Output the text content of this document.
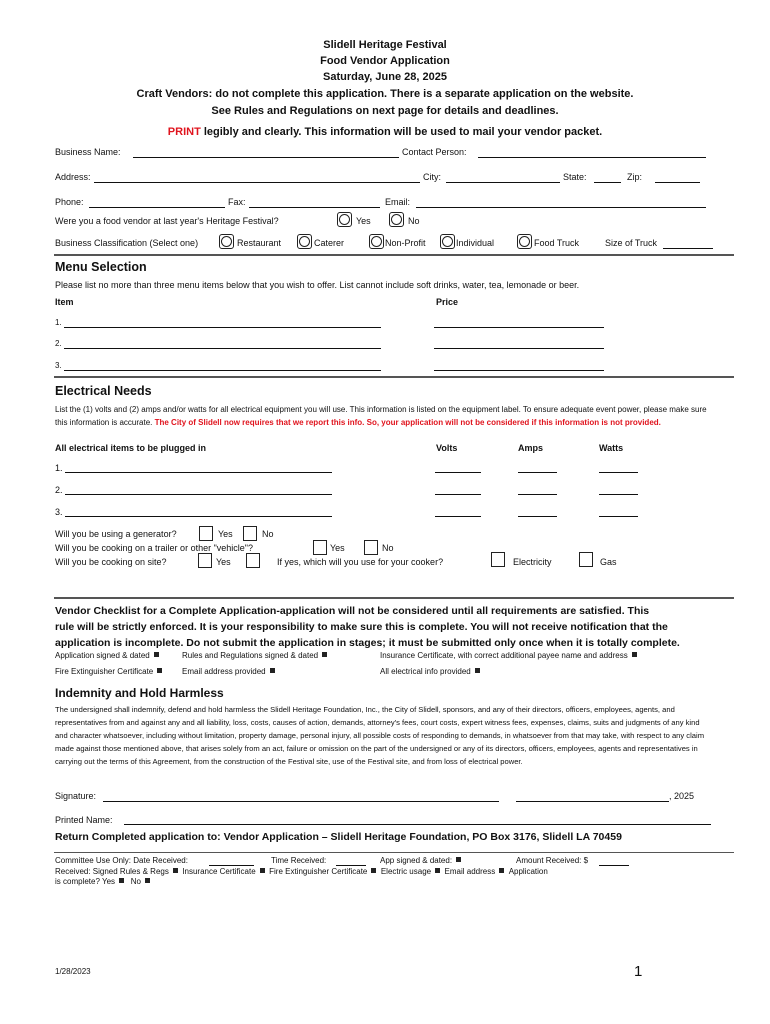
Slidell Heritage Festival
Food Vendor Application
Saturday, June 28, 2025
Craft Vendors: do not complete this application. There is a separate application on the website.
See Rules and Regulations on next page for details and deadlines.
PRINT legibly and clearly. This information will be used to mail your vendor packet.
Business Name:	Contact Person:
Address:	City:	State:	Zip:
Phone:	Fax:	Email:
Were you a food vendor at last year's Heritage Festival?	Yes	No
Business Classification (Select one)	Restaurant	Caterer	Non-Profit	Individual	Food Truck	Size of Truck
Menu Selection
Please list no more than three menu items below that you wish to offer. List cannot include soft drinks, water, tea, lemonade or beer.
Item	Price
1.
2.
3.
Electrical Needs
List the (1) volts and (2) amps and/or watts for all electrical equipment you will use. This information is listed on the equipment label. To ensure adequate event power, please make sure this information is accurate. The City of Slidell now requires that we report this info. So, your application will not be considered if this information is not provided.
All electrical items to be plugged in	Volts	Amps	Watts
1.
2.
3.
Will you be using a generator?	Yes	No
Will you be cooking on a trailer or other "vehicle"?	Yes	No
Will you be cooking on site?	Yes	If yes, which will you use for your cooker?	Electricity	Gas
Vendor Checklist for a Complete Application-application will not be considered until all requirements are satisfied. This
rule will be strictly enforced. It is your responsibility to make sure this is complete. You will not receive notification that the
application is incomplete. Do not submit the application in stages; it must be submitted only once when it is totally complete.
Application signed & dated	Rules and Regulations signed & dated	Insurance Certificate, with correct additional payee name and address
Fire Extinguisher Certificate	Email address provided	All electrical info provided
Indemnity and Hold Harmless
The undersigned shall indemnify, defend and hold harmless the Slidell Heritage Foundation, Inc., the City of Slidell, sponsors, and any of their directors, officers, employees, agents, and representatives from and against any and all liability, loss, costs, causes of action, demands, attorney's fees, court costs, expert witness fees, expenses, claims, suits and judgments of any kind and character whatsoever, including without limitation, property damage, personal injury, all possible costs of responding to demands, in whatsoever from that may take, with respect to any claim made against those mentioned above, that arises solely from an act, failure or omission on the part of the undersigned or any of its directors, officers, employees, agents and representatives in carrying out the terms of this Agreement, from the construction of the Festival site, use of the Festival site, and from loss of electrical power.
Signature:	, 2025
Printed Name:
Return Completed application to: Vendor Application – Slidell Heritage Foundation, PO Box 3176, Slidell LA 70459
Committee Use Only: Date Received:	Time Received:	App signed & dated:	Amount Received: $
Received: Signed Rules & Regs Insurance Certificate Fire Extinguisher Certificate Electric usage Email address Application
is complete? Yes No
1/28/2023	1
